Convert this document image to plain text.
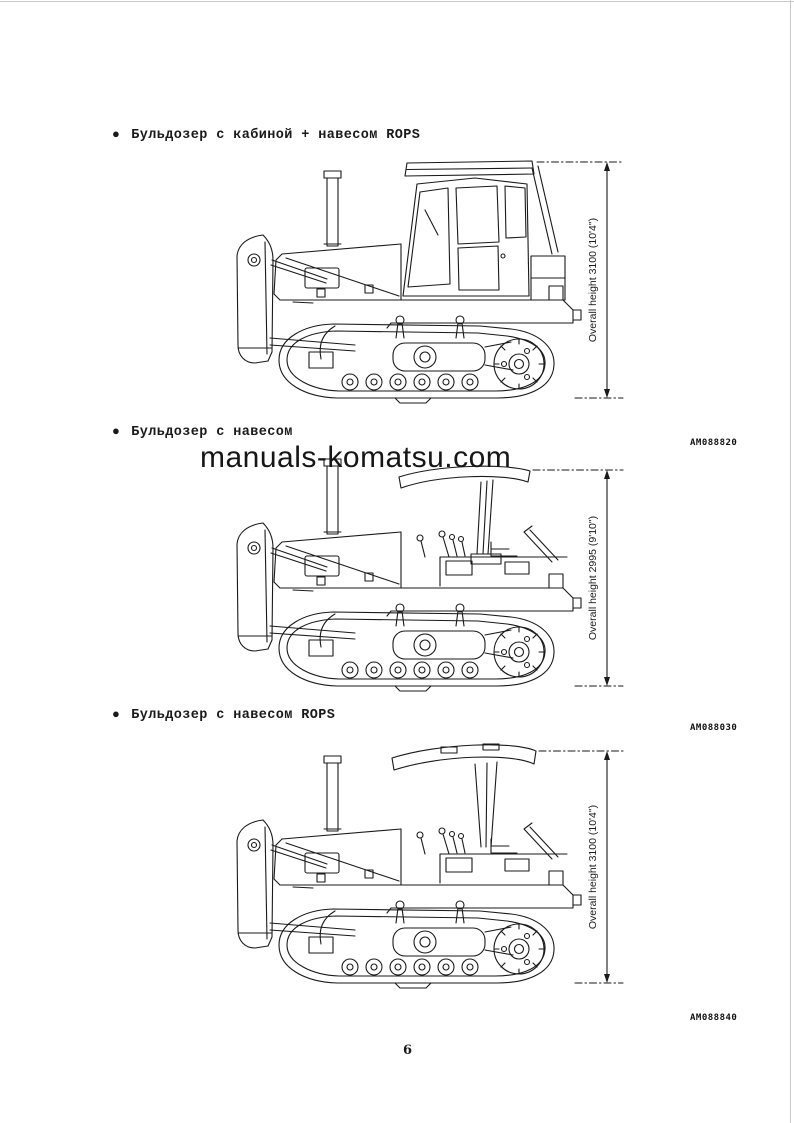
● Бульдозер с кабиной + навесом ROPS
Overall height 3100 (10'4")
AM088820
● Бульдозер с навесом
Overall height 2995 (9'10")
manuals-komatsu.com
AM088030
● Бульдозер с навесом ROPS
Overall height 3100 (10'4")
AM088840
6
